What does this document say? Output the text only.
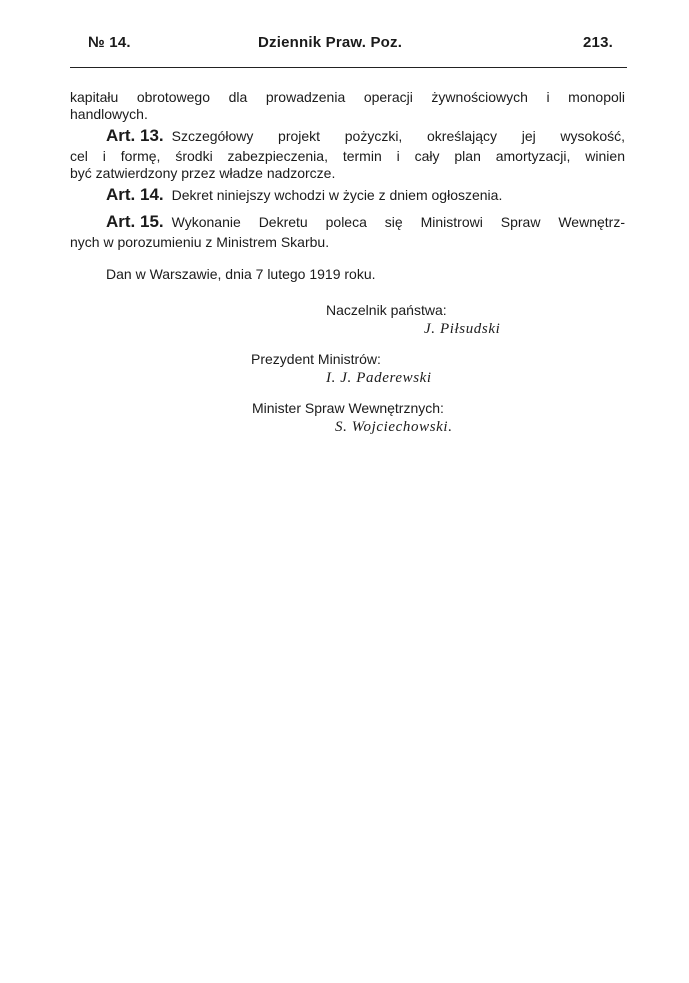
№ 14.	Dziennik Praw. Poz.	213.
kapitału obrotowego dla prowadzenia operacji żywnościowych i monopoli
handlowych.
Art. 13. Szczegółowy projekt pożyczki, określający jej wysokość,
cel i formę, środki zabezpieczenia, termin i cały plan amortyzacji, winien
być zatwierdzony przez władze nadzorcze.
Art. 14. Dekret niniejszy wchodzi w życie z dniem ogłoszenia.
Art. 15. Wykonanie Dekretu poleca się Ministrowi Spraw Wewnętrz-
nych w porozumieniu z Ministrem Skarbu.
Dan w Warszawie, dnia 7 lutego 1919 roku.
Naczelnik państwa:
J. Piłsudski
Prezydent Ministrów:
I. J. Paderewski
Minister Spraw Wewnętrznych:
S. Wojciechowski.
